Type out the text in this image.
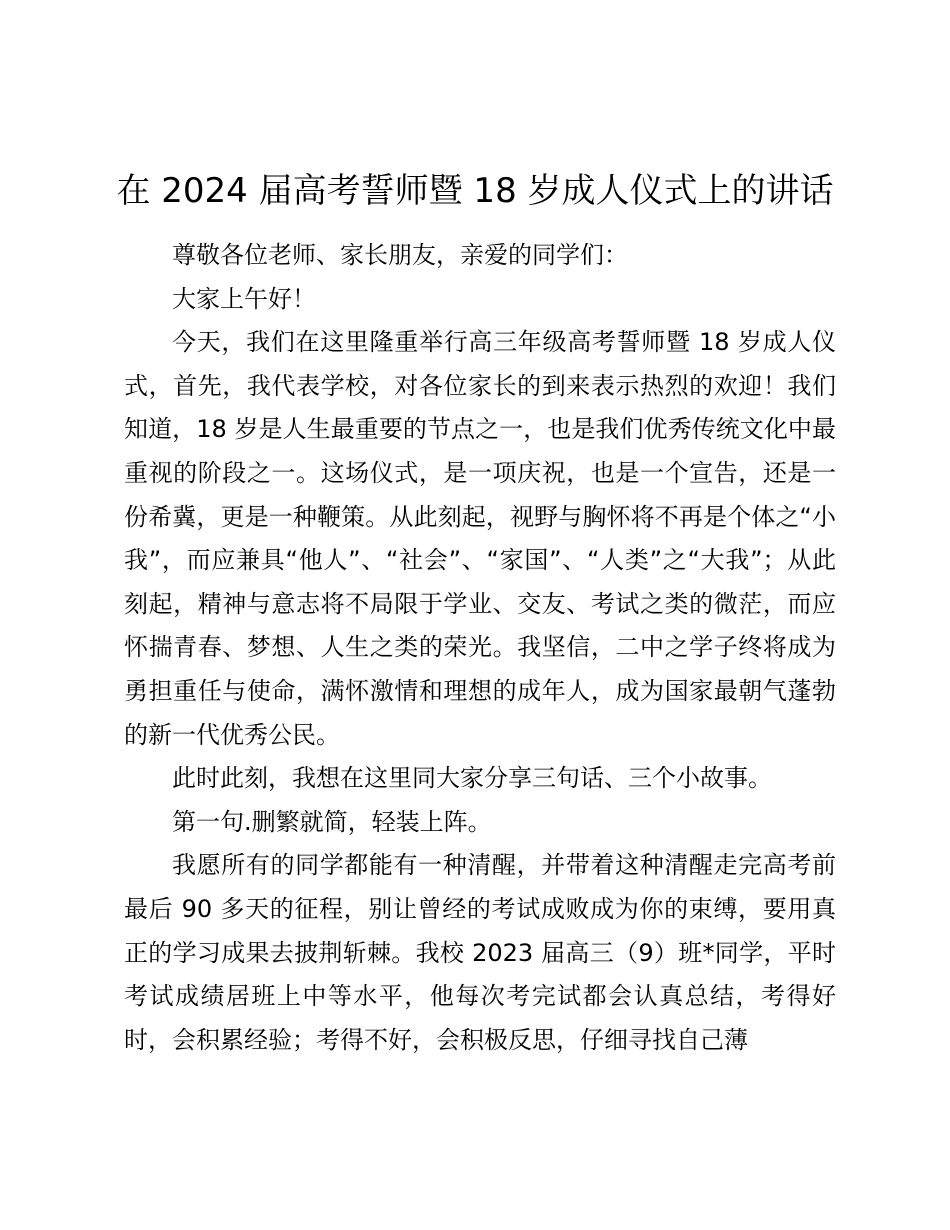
在 2024 届高考誓师暨 18 岁成人仪式上的讲话

尊敬各位老师、家长朋友，亲爱的同学们：

大家上午好！

今天，我们在这里隆重举行高三年级高考誓师暨 18 岁成人仪式，首先，我代表学校，对各位家长的到来表示热烈的欢迎！我们知道，18 岁是人生最重要的节点之一，也是我们优秀传统文化中最重视的阶段之一。这场仪式，是一项庆祝，也是一个宣告，还是一份希冀，更是一种鞭策。从此刻起，视野与胸怀将不再是个体之“小我”，而应兼具“他人”、“社会”、“家国”、“人类”之“大我”；从此刻起，精神与意志将不局限于学业、交友、考试之类的微茫，而应怀揣青春、梦想、人生之类的荣光。我坚信，二中之学子终将成为勇担重任与使命，满怀激情和理想的成年人，成为国家最朝气蓬勃的新一代优秀公民。

此时此刻，我想在这里同大家分享三句话、三个小故事。

第一句.删繁就简，轻装上阵。

我愿所有的同学都能有一种清醒，并带着这种清醒走完高考前最后 90 多天的征程，别让曾经的考试成败成为你的束缚，要用真正的学习成果去披荆斩棘。我校 2023 届高三（9）班*同学，平时考试成绩居班上中等水平，他每次考完试都会认真总结，考得好时，会积累经验；考得不好，会积极反思，仔细寻找自己薄
